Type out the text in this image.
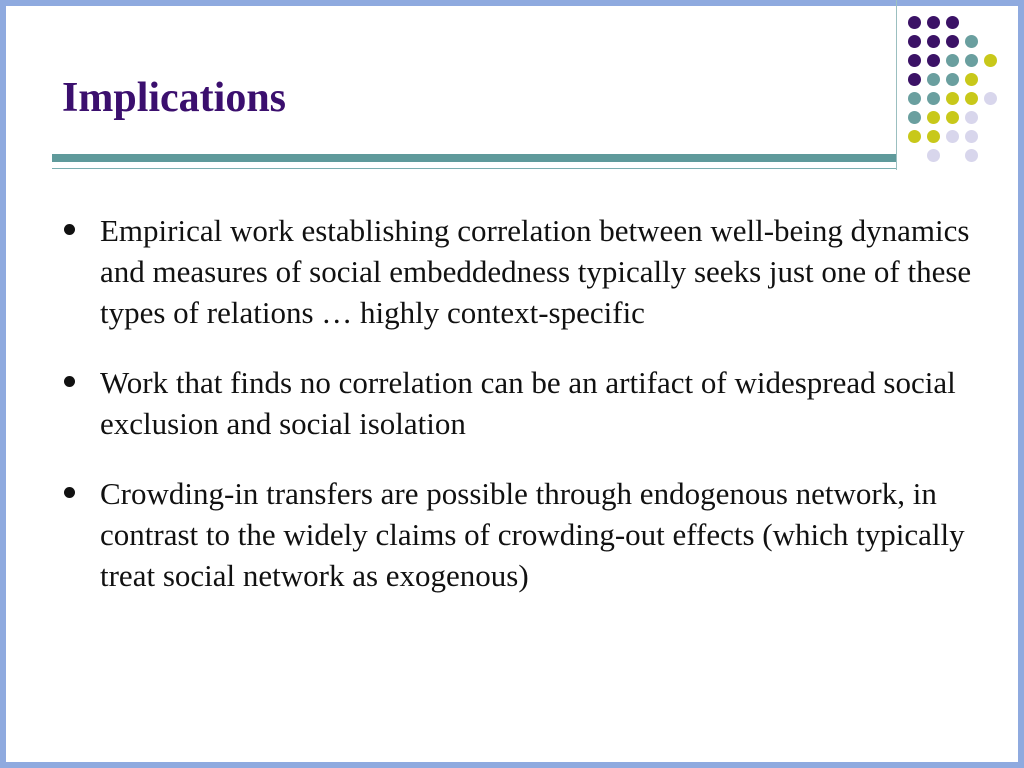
Implications
Empirical work establishing correlation between well-being dynamics and measures of social embeddedness typically seeks just one of these types of relations … highly context-specific
Work that finds no correlation can be an artifact of widespread social exclusion and social isolation
Crowding-in transfers are possible through endogenous network, in contrast to the widely claims of crowding-out effects (which typically treat social network as exogenous)
